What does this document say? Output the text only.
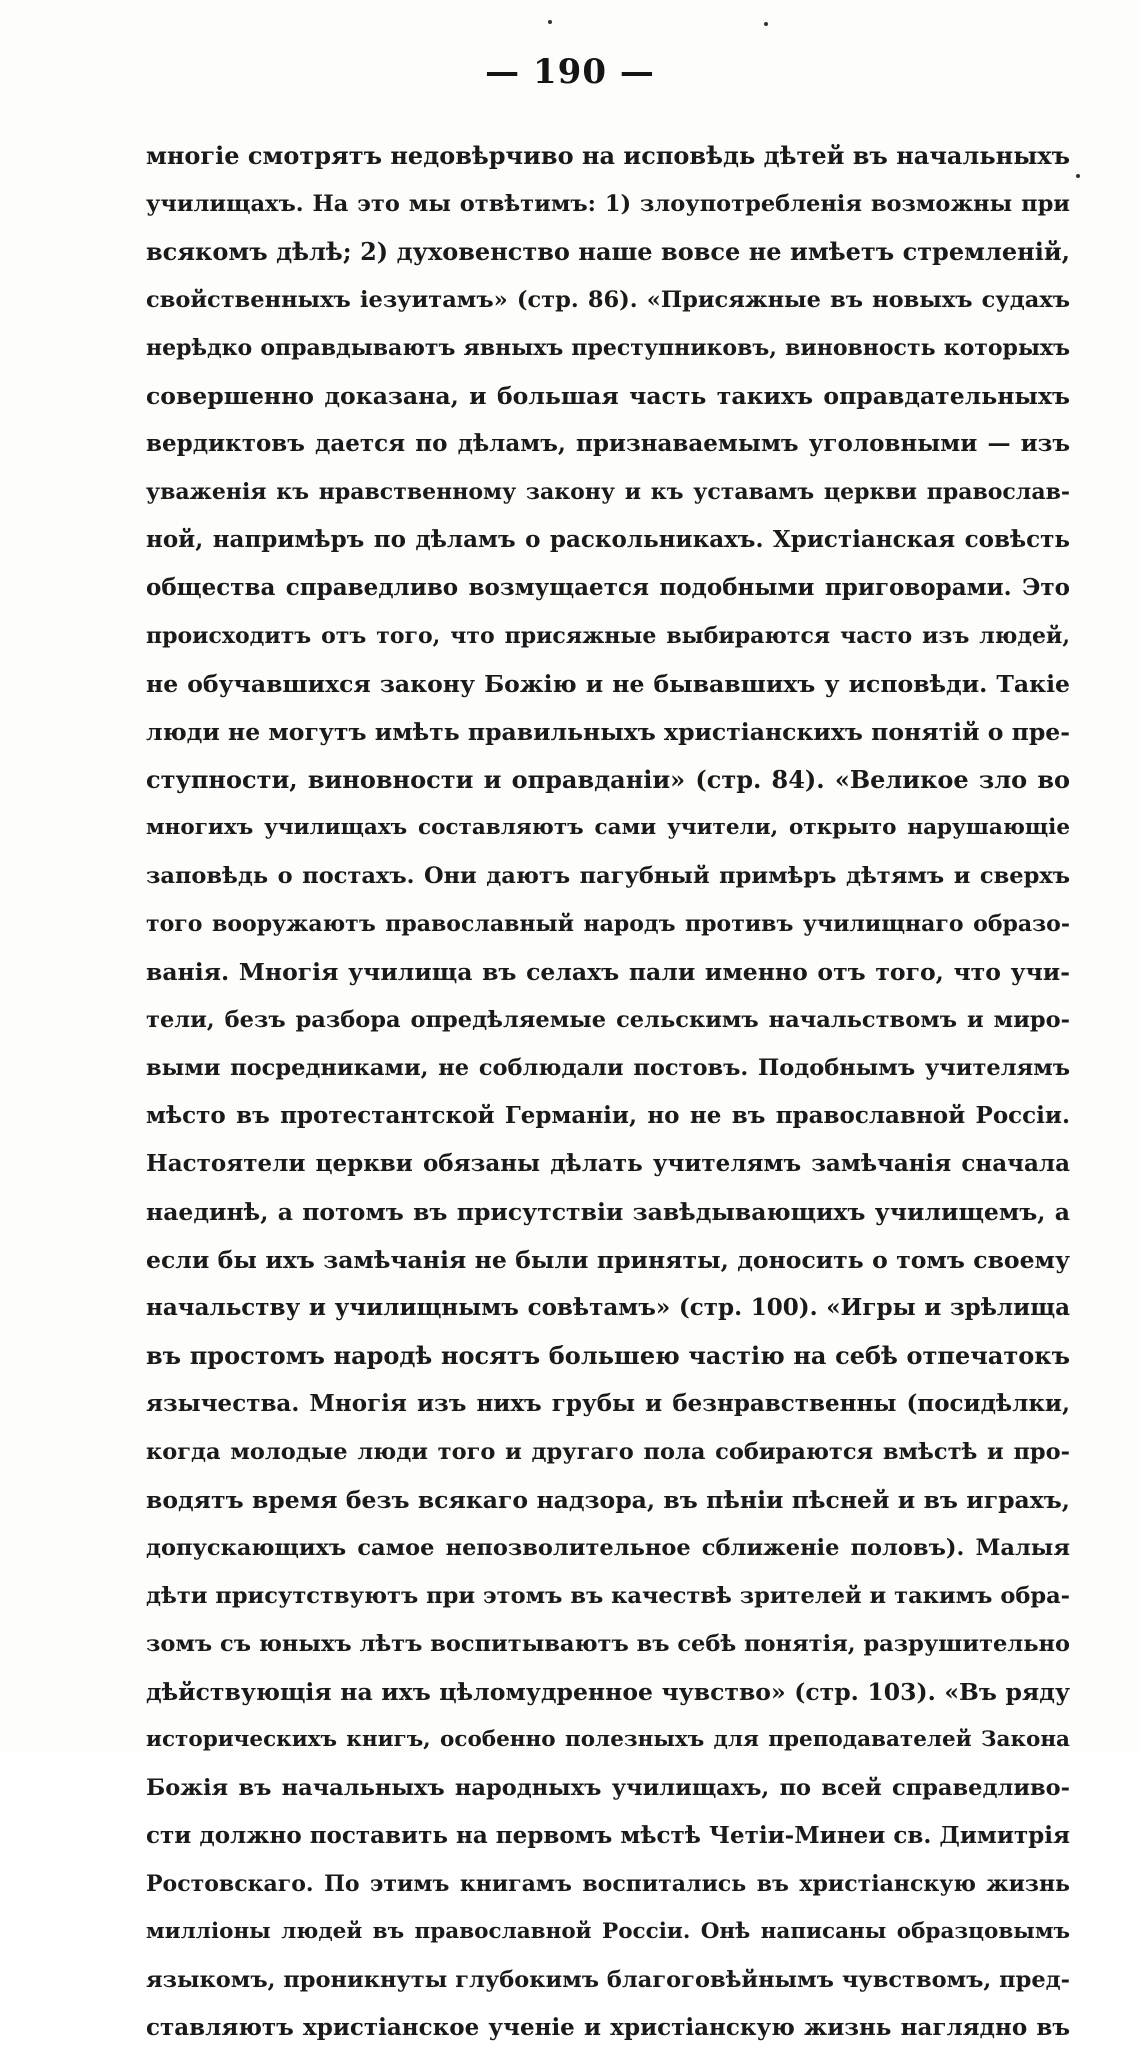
— 190 —
многіе смотрятъ недовѣрчиво на исповѣдь дѣтей въ начальныхъ
училищахъ. На это мы отвѣтимъ: 1) злоупотребленія возможны при
всякомъ дѣлѣ; 2) духовенство наше вовсе не имѣетъ стремленій,
свойственныхъ іезуитамъ» (стр. 86). «Присяжные въ новыхъ судахъ
нерѣдко оправдываютъ явныхъ преступниковъ, виновность которыхъ
совершенно доказана, и большая часть такихъ оправдательныхъ
вердиктовъ дается по дѣламъ, признаваемымъ уголовными — изъ
уваженія къ нравственному закону и къ уставамъ церкви православ-
ной, напримѣръ по дѣламъ о раскольникахъ. Христіанская совѣсть
общества справедливо возмущается подобными приговорами. Это
происходитъ отъ того, что присяжные выбираются часто изъ людей,
не обучавшихся закону Божію и не бывавшихъ у исповѣди. Такіе
люди не могутъ имѣть правильныхъ христіанскихъ понятій о пре-
ступности, виновности и оправданіи» (стр. 84). «Великое зло во
многихъ училищахъ составляютъ сами учители, открыто нарушающіе
заповѣдь о постахъ. Они даютъ пагубный примѣръ дѣтямъ и сверхъ
того вооружаютъ православный народъ противъ училищнаго образо-
ванія. Многія училища въ селахъ пали именно отъ того, что учи-
тели, безъ разбора опредѣляемые сельскимъ начальствомъ и миро-
выми посредниками, не соблюдали постовъ. Подобнымъ учителямъ
мѣсто въ протестантской Германіи, но не въ православной Россіи.
Настоятели церкви обязаны дѣлать учителямъ замѣчанія сначала
наединѣ, а потомъ въ присутствіи завѣдывающихъ училищемъ, а
если бы ихъ замѣчанія не были приняты, доносить о томъ своему
начальству и училищнымъ совѣтамъ» (стр. 100). «Игры и зрѣлища
въ простомъ народѣ носятъ большею частію на себѣ отпечатокъ
язычества. Многія изъ нихъ грубы и безнравственны (посидѣлки,
когда молодые люди того и другаго пола собираются вмѣстѣ и про-
водятъ время безъ всякаго надзора, въ пѣніи пѣсней и въ играхъ,
допускающихъ самое непозволительное сближеніе половъ). Малыя
дѣти присутствуютъ при этомъ въ качествѣ зрителей и такимъ обра-
зомъ съ юныхъ лѣтъ воспитываютъ въ себѣ понятія, разрушительно
дѣйствующія на ихъ цѣломудренное чувство» (стр. 103). «Въ ряду
историческихъ книгъ, особенно полезныхъ для преподавателей Закона
Божія въ начальныхъ народныхъ училищахъ, по всей справедливо-
сти должно поставить на первомъ мѣстѣ Четіи-Минеи св. Димитрія
Ростовскаго. По этимъ книгамъ воспитались въ христіанскую жизнь
милліоны людей въ православной Россіи. Онѣ написаны образцовымъ
языкомъ, проникнуты глубокимъ благоговѣйнымъ чувствомъ, пред-
ставляютъ христіанское ученіе и христіанскую жизнь наглядно въ
